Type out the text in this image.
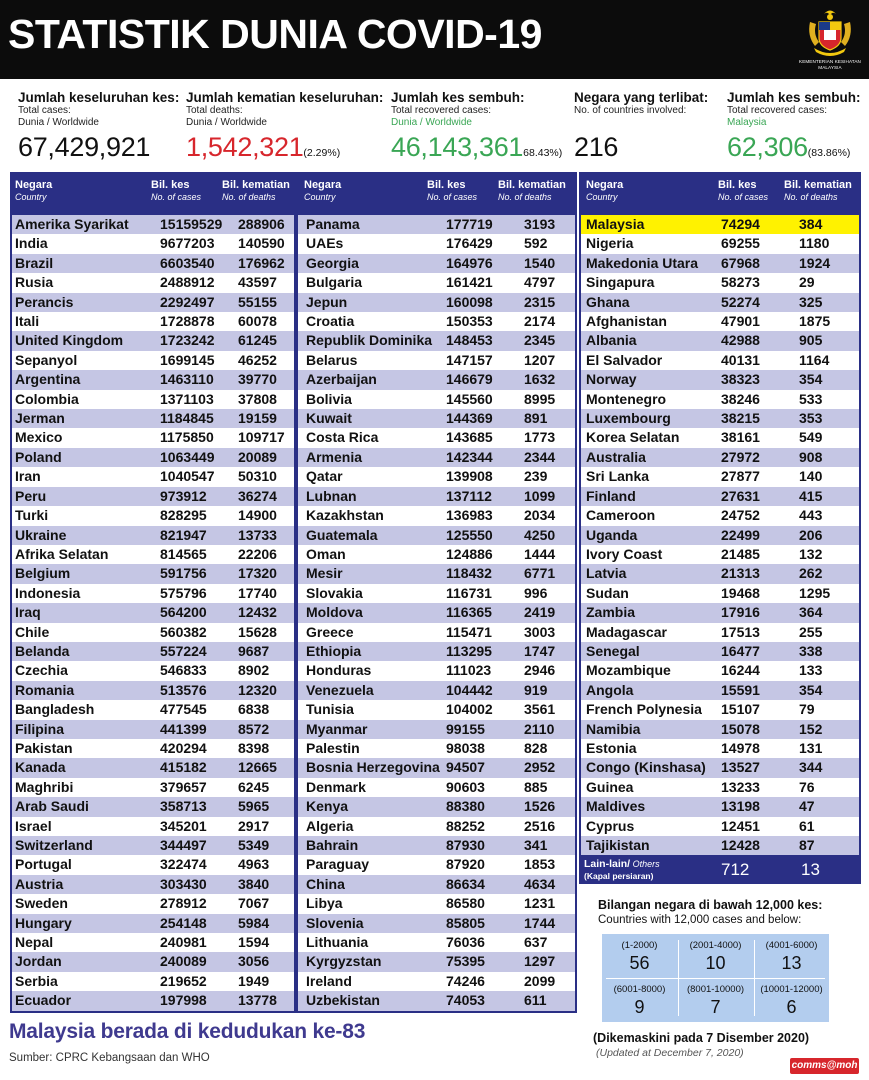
STATISTIK DUNIA COVID-19
KEMENTERIAN KESIHATAN MALAYSIA
Jumlah keseluruhan kes:
Total cases:
Dunia / Worldwide
67,429,921
Jumlah kematian keseluruhan:
Total deaths:
Dunia / Worldwide
1,542,321(2.29%)
Jumlah kes sembuh:
Total recovered cases:
Dunia / Worldwide
46,143,36168.43%)
Negara yang terlibat:
No. of countries involved:

216
Jumlah kes sembuh:
Total recovered cases:
Malaysia
62,306(83.86%)
Negara
Country
Bil. kes
No. of cases
Bil. kematian
No. of deaths
Amerika Syarikat 15159529 288906
India	9677203 140590
Brazil	6603540 176962
Rusia	2488912 43597
Perancis	2292497 55155
Itali	1728878 60078
United Kingdom	1723242 61245
Sepanyol	1699145 46252
Argentina	1463110 39770
Colombia	1371103 37808
Jerman	1184845 19159
Mexico	1175850 109717
Poland	1063449 20089
Iran	1040547 50310
Peru	973912 36274
Turki	828295 14900
Ukraine	821947 13733
Afrika Selatan	814565 22206
Belgium	591756 17320
Indonesia	575796 17740
Iraq	564200 12432
Chile	560382 15628
Belanda	557224 9687
Czechia	546833 8902
Romania	513576 12320
Bangladesh	477545 6838
Filipina	441399 8572
Pakistan	420294 8398
Kanada	415182 12665
Maghribi	379657 6245
Arab Saudi	358713 5965
Israel	345201 2917
Switzerland	344497 5349
Portugal	322474 4963
Austria	303430 3840
Sweden	278912 7067
Hungary	254148 5984
Nepal	240981 1594
Jordan	240089 3056
Serbia	219652 1949
Ecuador	197998 13778
Negara
Country
Bil. kes
No. of cases
Bil. kematian
No. of deaths
Panama	177719 3193
UAEs	176429 592
Georgia	164976 1540
Bulgaria	161421 4797
Jepun	160098 2315
Croatia	150353 2174
Republik Dominika 148453 2345
Belarus	147157 1207
Azerbaijan	146679 1632
Bolivia	145560 8995
Kuwait	144369 891
Costa Rica	143685 1773
Armenia	142344 2344
Qatar	139908 239
Lubnan	137112 1099
Kazakhstan	136983 2034
Guatemala	125550 4250
Oman	124886 1444
Mesir	118432 6771
Slovakia	116731 996
Moldova	116365 2419
Greece	115471 3003
Ethiopia	113295 1747
Honduras	111023 2946
Venezuela	104442 919
Tunisia	104002 3561
Myanmar	99155	2110
Palestin	98038	828
Bosnia Herzegovina 94507	2952
Denmark	90603	885
Kenya	88380	1526
Algeria	88252	2516
Bahrain	87930	341
Paraguay	87920	1853
China	86634	4634
Libya	86580	1231
Slovenia	85805	1744
Lithuania	76036	637
Kyrgyzstan	75395	1297
Ireland	74246	2099
Uzbekistan	74053	611
Negara
Country
Bil. kes
No. of cases
Bil. kematian
No. of deaths
Malaysia	74294	384
Nigeria	69255	1180
Makedonia Utara 67968	1924
Singapura	58273	29
Ghana	52274	325
Afghanistan	47901	1875
Albania	42988	905
El Salvador	40131	1164
Norway	38323	354
Montenegro	38246	533
Luxembourg	38215	353
Korea Selatan	38161	549
Australia	27972	908
Sri Lanka	27877	140
Finland	27631	415
Cameroon	24752	443
Uganda	22499	206
Ivory Coast	21485	132
Latvia	21313	262
Sudan	19468	1295
Zambia	17916	364
Madagascar	17513	255
Senegal	16477	338
Mozambique	16244	133
Angola	15591	354
French Polynesia 15107	79
Namibia	15078	152
Estonia	14978	131
Congo (Kinshasa) 13527	344
Guinea	13233	76
Maldives	13198	47
Cyprus	12451	61
Tajikistan	12428	87
Lain-lain/ Others
(Kapal persiaran)	712	13
Bilangan negara di bawah 12,000 kes:
Countries with 12,000 cases and below:
(1-2000)
56
(2001-4000)
10
(4001-6000)
13
(6001-8000)
9
(8001-10000)
7
(10001-12000)
6
(Dikemaskini pada 7 Disember 2020)
(Updated at December 7, 2020)
Malaysia berada di kedudukan ke-83
Sumber: CPRC Kebangsaan dan WHO
comms@moh
